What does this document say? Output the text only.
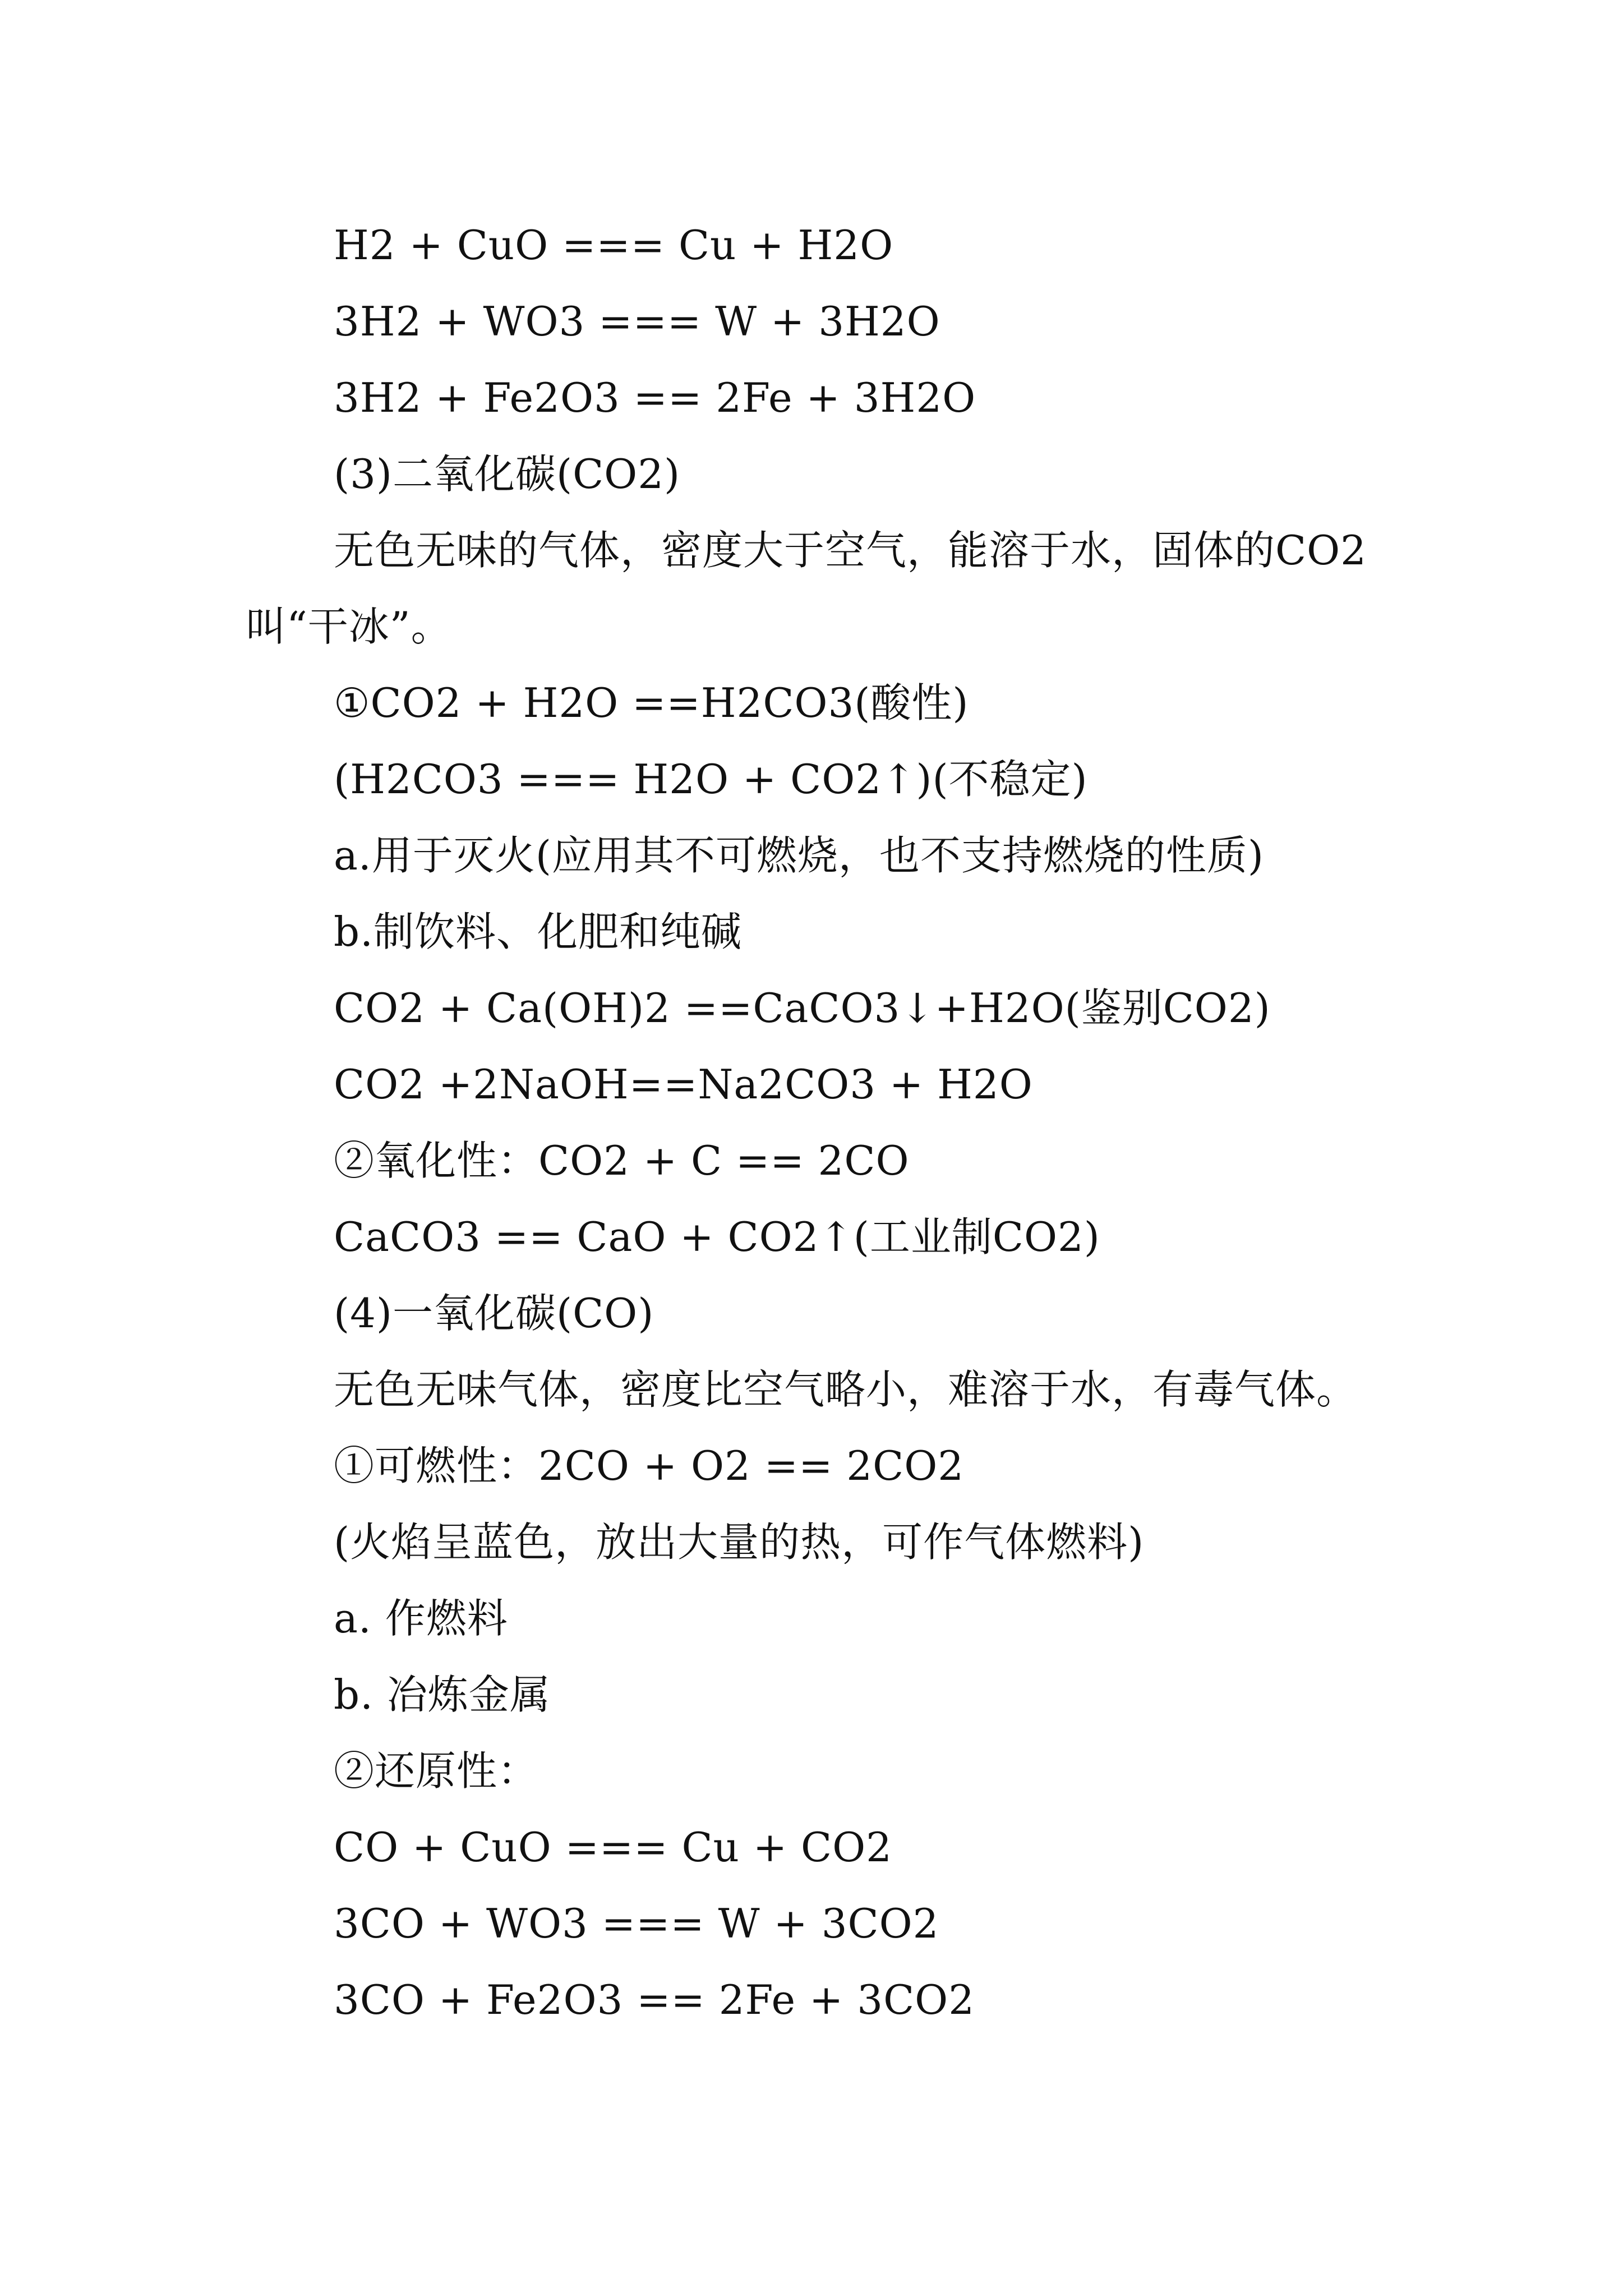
H2 + CuO === Cu + H2O

3H2 + WO3 === W + 3H2O

3H2 + Fe2O3 == 2Fe + 3H2O

(3)二氧化碳(CO2)

无色无味的气体，密度大于空气，能溶于水，固体的CO2

叫“干冰”。

①CO2 + H2O ==H2CO3(酸性)

(H2CO3 === H2O + CO2↑)(不稳定)

a.用于灭火(应用其不可燃烧，也不支持燃烧的性质)

b.制饮料、化肥和纯碱

CO2 + Ca(OH)2 ==CaCO3↓+H2O(鉴别CO2)

CO2 +2NaOH==Na2CO3 + H2O

②氧化性：CO2 + C == 2CO

CaCO3 == CaO + CO2↑(工业制CO2)

(4)一氧化碳(CO)

无色无味气体，密度比空气略小，难溶于水，有毒气体。

①可燃性：2CO + O2 == 2CO2

(火焰呈蓝色，放出大量的热，可作气体燃料)

a. 作燃料

b. 冶炼金属

②还原性：

CO + CuO === Cu + CO2

3CO + WO3 === W + 3CO2

3CO + Fe2O3 == 2Fe + 3CO2
